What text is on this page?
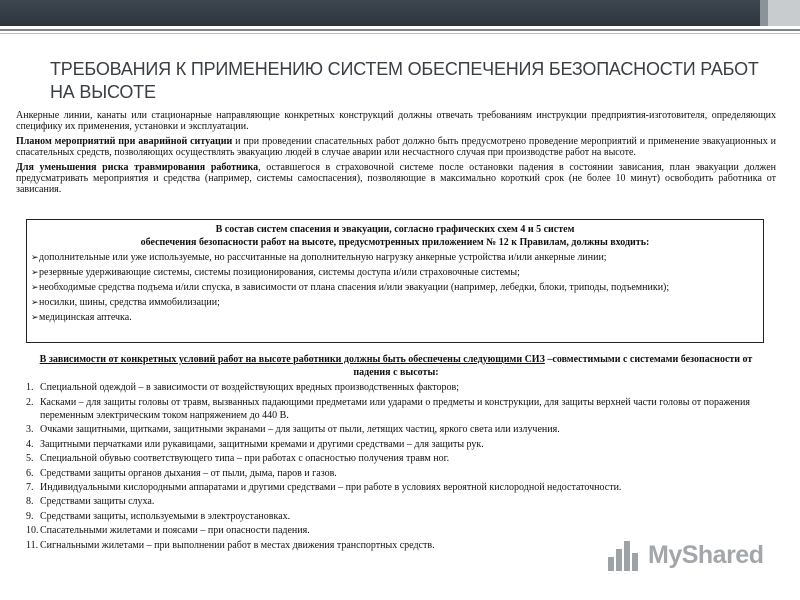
ТРЕБОВАНИЯ К ПРИМЕНЕНИЮ СИСТЕМ ОБЕСПЕЧЕНИЯ БЕЗОПАСНОСТИ РАБОТ НА ВЫСОТЕ

Анкерные линии, канаты или стационарные направляющие конкретных конструкций должны отвечать требованиям инструкции предприятия-изготовителя, определяющих специфику их применения, установки и эксплуатации.

Планом мероприятий при аварийной ситуации и при проведении спасательных работ должно быть предусмотрено проведение мероприятий и применение эвакуационных и спасательных средств, позволяющих осуществлять эвакуацию людей в случае аварии или несчастного случая при производстве работ на высоте.

Для уменьшения риска травмирования работника, оставшегося в страховочной системе после остановки падения в состоянии зависания, план эвакуации должен предусматривать мероприятия и средства (например, системы самоспасения), позволяющие в максимально короткий срок (не более 10 минут) освободить работника от зависания.

В состав систем спасения и эвакуации, согласно графических схем 4 и 5 систем

обеспечения безопасности работ на высоте, предусмотренных приложением № 12 к Правилам, должны входить:

➢ дополнительные или уже используемые, но рассчитанные на дополнительную нагрузку анкерные устройства и/или анкерные линии;
➢ резервные удерживающие системы, системы позиционирования, системы доступа и/или страховочные системы;
➢ необходимые средства подъема и/или спуска, в зависимости от плана спасения и/или эвакуации (например, лебедки, блоки, триподы, подъемники);
➢ носилки, шины, средства иммобилизации;
➢ медицинская аптечка.

В зависимости от конкретных условий работ на высоте работники должны быть обеспечены следующими СИЗ –совместимыми с системами безопасности от падения с высоты:

1. Специальной одеждой – в зависимости от воздействующих вредных производственных факторов;
2. Касками – для защиты головы от травм, вызванных падающими предметами или ударами о предметы и конструкции, для защиты верхней части головы от поражения переменным электрическим током напряжением до 440 В.
3. Очками защитными, щитками, защитными экранами – для защиты от пыли, летящих частиц, яркого света или излучения.
4. Защитными перчатками или рукавицами, защитными кремами и другими средствами – для защиты рук.
5. Специальной обувью соответствующего типа – при работах с опасностью получения травм ног.
6. Средствами защиты органов дыхания – от пыли, дыма, паров и газов.
7. Индивидуальными кислородными аппаратами и другими средствами – при работе в условиях вероятной кислородной недостаточности.
8. Средствами защиты слуха.
9. Средствами защиты, используемыми в электроустановках.
10. Спасательными жилетами и поясами – при опасности падения.
11. Сигнальными жилетами – при выполнении работ в местах движения транспортных средств.	MyShared
